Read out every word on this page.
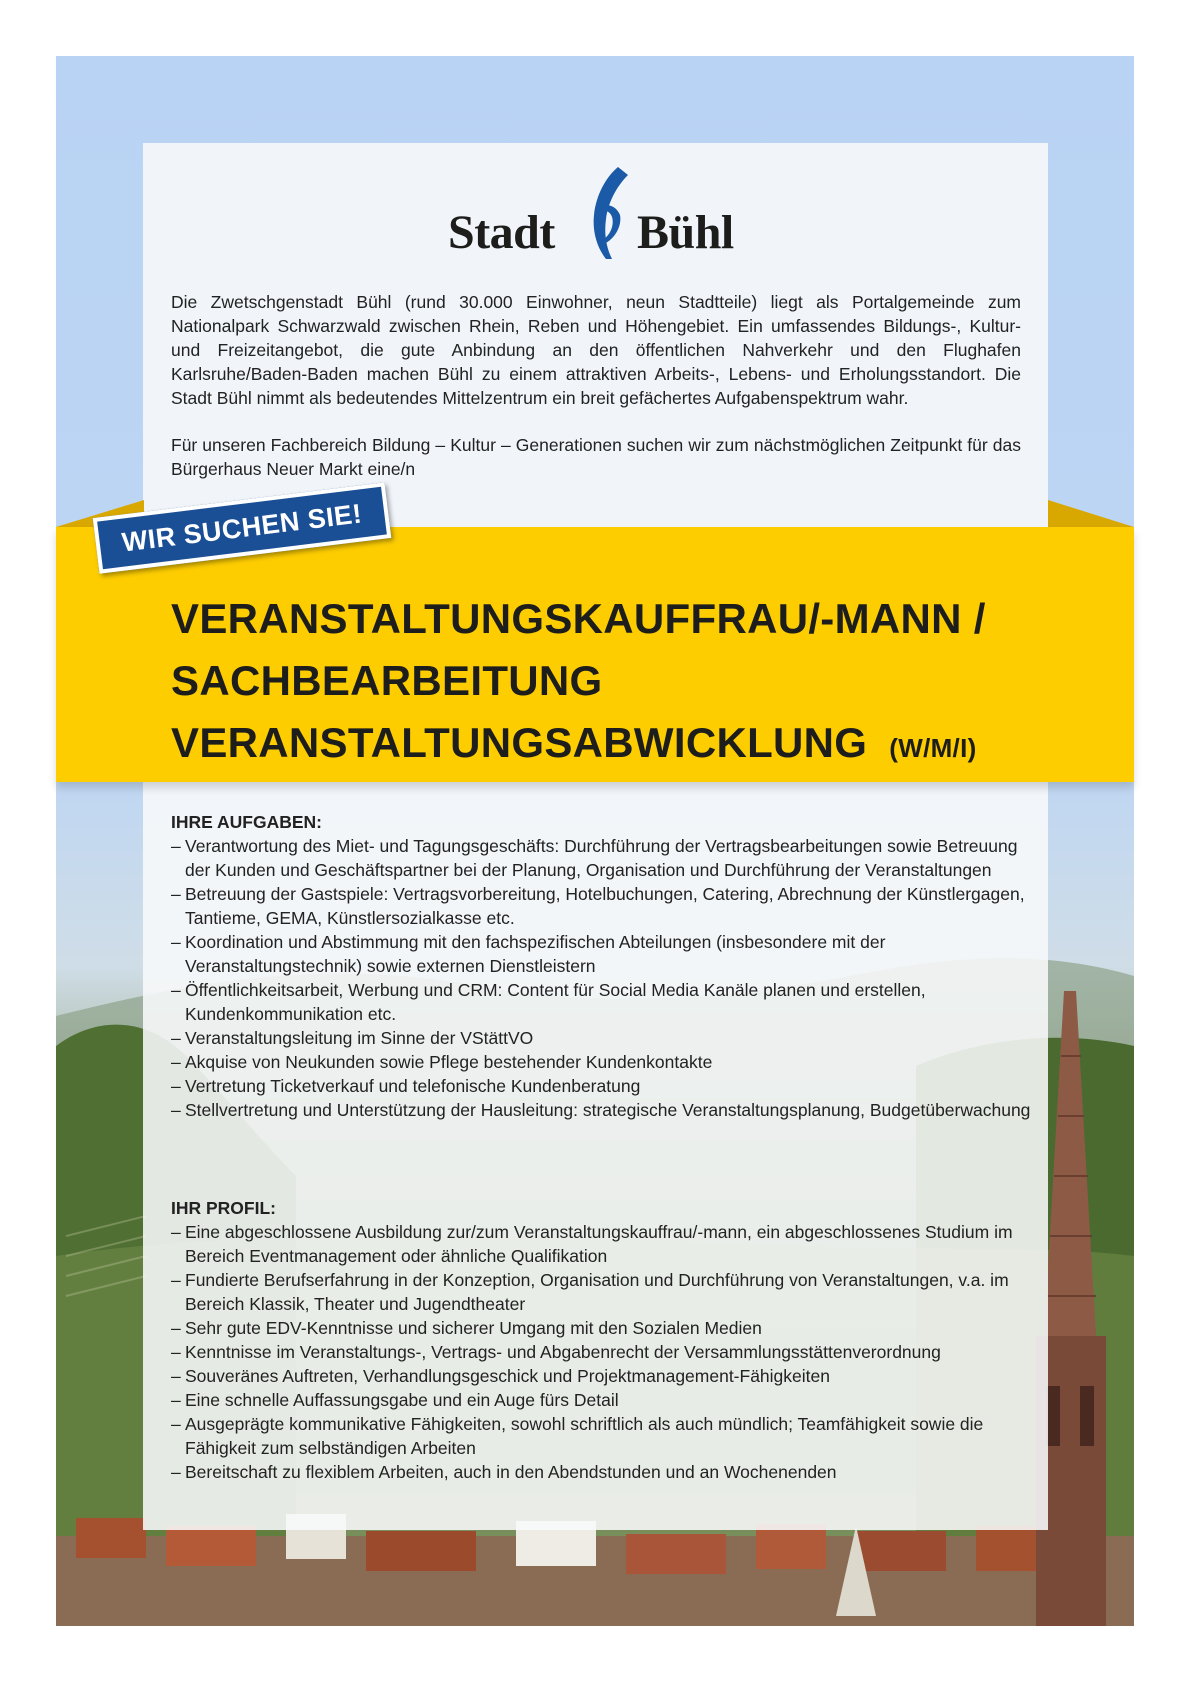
Stadt Bühl

Die Zwetschgenstadt Bühl (rund 30.000 Einwohner, neun Stadtteile) liegt als Portalgemeinde zum Nationalpark Schwarzwald zwischen Rhein, Reben und Höhengebiet. Ein umfassendes Bildungs-, Kultur- und Freizeitangebot, die gute Anbindung an den öffentlichen Nahverkehr und den Flughafen Karlsruhe/Baden-Baden machen Bühl zu einem attraktiven Arbeits-, Lebens- und Erholungsstandort. Die Stadt Bühl nimmt als bedeutendes Mittelzentrum ein breit gefächertes Aufgabenspektrum wahr.

Für unseren Fachbereich Bildung – Kultur – Generationen suchen wir zum nächstmöglichen Zeitpunkt für das Bürgerhaus Neuer Markt eine/n

WIR SUCHEN SIE!
VERANSTALTUNGSKAUFFRAU/-MANN /
SACHBEARBEITUNG
VERANSTALTUNGSABWICKLUNG (W/M/I)
IHRE AUFGABEN:
– Verantwortung des Miet- und Tagungsgeschäfts: Durchführung der Vertragsbearbeitungen sowie Betreuung der Kunden und Geschäftspartner bei der Planung, Organisation und Durchführung der Veranstaltungen
– Betreuung der Gastspiele: Vertragsvorbereitung, Hotelbuchungen, Catering, Abrechnung der Künstlergagen, Tantieme, GEMA, Künstlersozialkasse etc.
– Koordination und Abstimmung mit den fachspezifischen Abteilungen (insbesondere mit der Veranstaltungstechnik) sowie externen Dienstleistern
– Öffentlichkeitsarbeit, Werbung und CRM: Content für Social Media Kanäle planen und erstellen, Kundenkommunikation etc.
– Veranstaltungsleitung im Sinne der VStättVO
– Akquise von Neukunden sowie Pflege bestehender Kundenkontakte
– Vertretung Ticketverkauf und telefonische Kundenberatung
– Stellvertretung und Unterstützung der Hausleitung: strategische Veranstaltungsplanung, Budgetüberwachung
IHR PROFIL:
– Eine abgeschlossene Ausbildung zur/zum Veranstaltungskauffrau/-mann, ein abgeschlossenes Studium im Bereich Eventmanagement oder ähnliche Qualifikation
– Fundierte Berufserfahrung in der Konzeption, Organisation und Durchführung von Veranstaltungen, v.a. im Bereich Klassik, Theater und Jugendtheater
– Sehr gute EDV-Kenntnisse und sicherer Umgang mit den Sozialen Medien
– Kenntnisse im Veranstaltungs-, Vertrags- und Abgabenrecht der Versammlungsstättenverordnung
– Souveränes Auftreten, Verhandlungsgeschick und Projektmanagement-Fähigkeiten
– Eine schnelle Auffassungsgabe und ein Auge fürs Detail
– Ausgeprägte kommunikative Fähigkeiten, sowohl schriftlich als auch mündlich; Teamfähigkeit sowie die Fähigkeit zum selbständigen Arbeiten
– Bereitschaft zu flexiblem Arbeiten, auch in den Abendstunden und an Wochenenden
